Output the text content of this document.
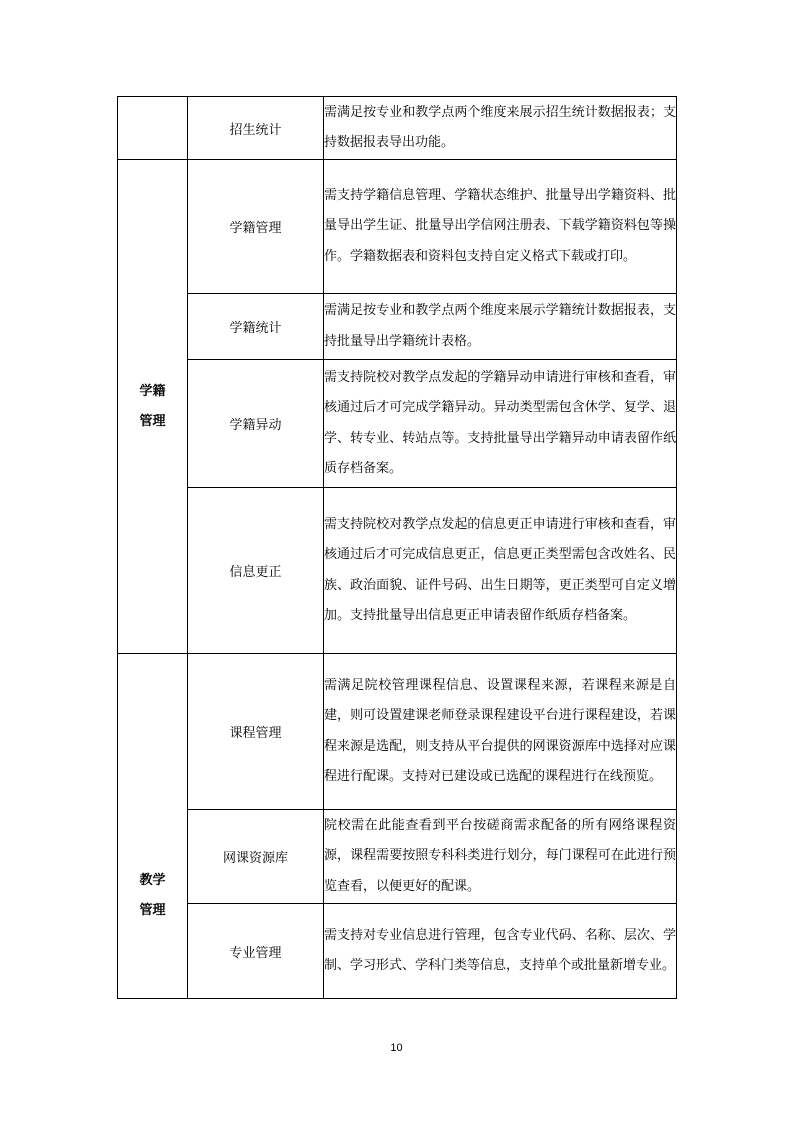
	招生统计	需满足按专业和教学点两个维度来展示招生统计数据报表；支持数据报表导出功能。

学籍
管理	学籍管理	需支持学籍信息管理、学籍状态维护、批量导出学籍资料、批量导出学生证、批量导出学信网注册表、下载学籍资料包等操作。学籍数据表和资料包支持自定义格式下载或打印。
	学籍统计	需满足按专业和教学点两个维度来展示学籍统计数据报表，支持批量导出学籍统计表格。
	学籍异动	需支持院校对教学点发起的学籍异动申请进行审核和查看，审核通过后才可完成学籍异动。异动类型需包含休学、复学、退学、转专业、转站点等。支持批量导出学籍异动申请表留作纸质存档备案。
	信息更正	需支持院校对教学点发起的信息更正申请进行审核和查看，审核通过后才可完成信息更正，信息更正类型需包含改姓名、民族、政治面貌、证件号码、出生日期等，更正类型可自定义增加。支持批量导出信息更正申请表留作纸质存档备案。

教学
管理	课程管理	需满足院校管理课程信息、设置课程来源，若课程来源是自建，则可设置建课老师登录课程建设平台进行课程建设，若课程来源是选配，则支持从平台提供的网课资源库中选择对应课程进行配课。支持对已建设或已选配的课程进行在线预览。
	网课资源库	院校需在此能查看到平台按磋商需求配备的所有网络课程资源，课程需要按照专科科类进行划分，每门课程可在此进行预览查看，以便更好的配课。
	专业管理	需支持对专业信息进行管理，包含专业代码、名称、层次、学制、学习形式、学科门类等信息，支持单个或批量新增专业。
10
